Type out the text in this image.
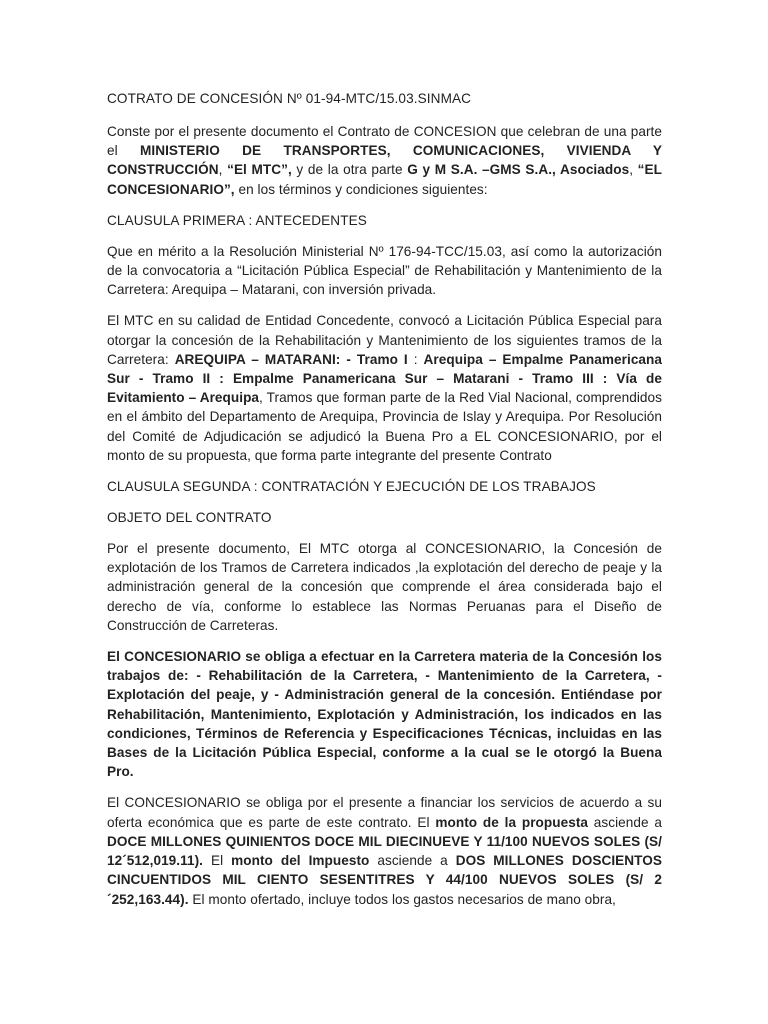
COTRATO DE CONCESIÓN Nº 01-94-MTC/15.03.SINMAC

Conste por el presente documento el Contrato de CONCESION que celebran de una parte el MINISTERIO DE TRANSPORTES, COMUNICACIONES, VIVIENDA Y CONSTRUCCIÓN, “El MTC”, y de la otra parte G y M S.A. –GMS S.A., Asociados, “EL CONCESIONARIO”, en los términos y condiciones siguientes:

CLAUSULA PRIMERA : ANTECEDENTES

Que en mérito a la Resolución Ministerial Nº 176-94-TCC/15.03, así como la autorización de la convocatoria a “Licitación Pública Especial” de Rehabilitación y Mantenimiento de la Carretera: Arequipa – Matarani, con inversión privada.

El MTC en su calidad de Entidad Concedente, convocó a Licitación Pública Especial para otorgar la concesión de la Rehabilitación y Mantenimiento de los siguientes tramos de la Carretera: AREQUIPA – MATARANI: - Tramo I : Arequipa – Empalme Panamericana Sur - Tramo II : Empalme Panamericana Sur – Matarani - Tramo III : Vía de Evitamiento – Arequipa, Tramos que forman parte de la Red Vial Nacional, comprendidos en el ámbito del Departamento de Arequipa, Provincia de Islay y Arequipa. Por Resolución del Comité de Adjudicación se adjudicó la Buena Pro a EL CONCESIONARIO, por el monto de su propuesta, que forma parte integrante del presente Contrato

CLAUSULA SEGUNDA : CONTRATACIÓN Y EJECUCIÓN DE LOS TRABAJOS

OBJETO DEL CONTRATO

Por el presente documento, El MTC otorga al CONCESIONARIO, la Concesión de explotación de los Tramos de Carretera indicados ,la explotación del derecho de peaje y la administración general de la concesión que comprende el área considerada bajo el derecho de vía, conforme lo establece las Normas Peruanas para el Diseño de Construcción de Carreteras.

El CONCESIONARIO se obliga a efectuar en la Carretera materia de la Concesión los trabajos de: - Rehabilitación de la Carretera, - Mantenimiento de la Carretera, - Explotación del peaje, y - Administración general de la concesión. Entiéndase por Rehabilitación, Mantenimiento, Explotación y Administración, los indicados en las condiciones, Términos de Referencia y Especificaciones Técnicas, incluidas en las Bases de la Licitación Pública Especial, conforme a la cual se le otorgó la Buena Pro.

El CONCESIONARIO se obliga por el presente a financiar los servicios de acuerdo a su oferta económica que es parte de este contrato. El monto de la propuesta asciende a DOCE MILLONES QUINIENTOS DOCE MIL DIECINUEVE Y 11/100 NUEVOS SOLES (S/ 12´512,019.11). El monto del Impuesto asciende a DOS MILLONES DOSCIENTOS CINCUENTIDOS MIL CIENTO SESENTITRES Y 44/100 NUEVOS SOLES (S/ 2 ´252,163.44). El monto ofertado, incluye todos los gastos necesarios de mano obra,
